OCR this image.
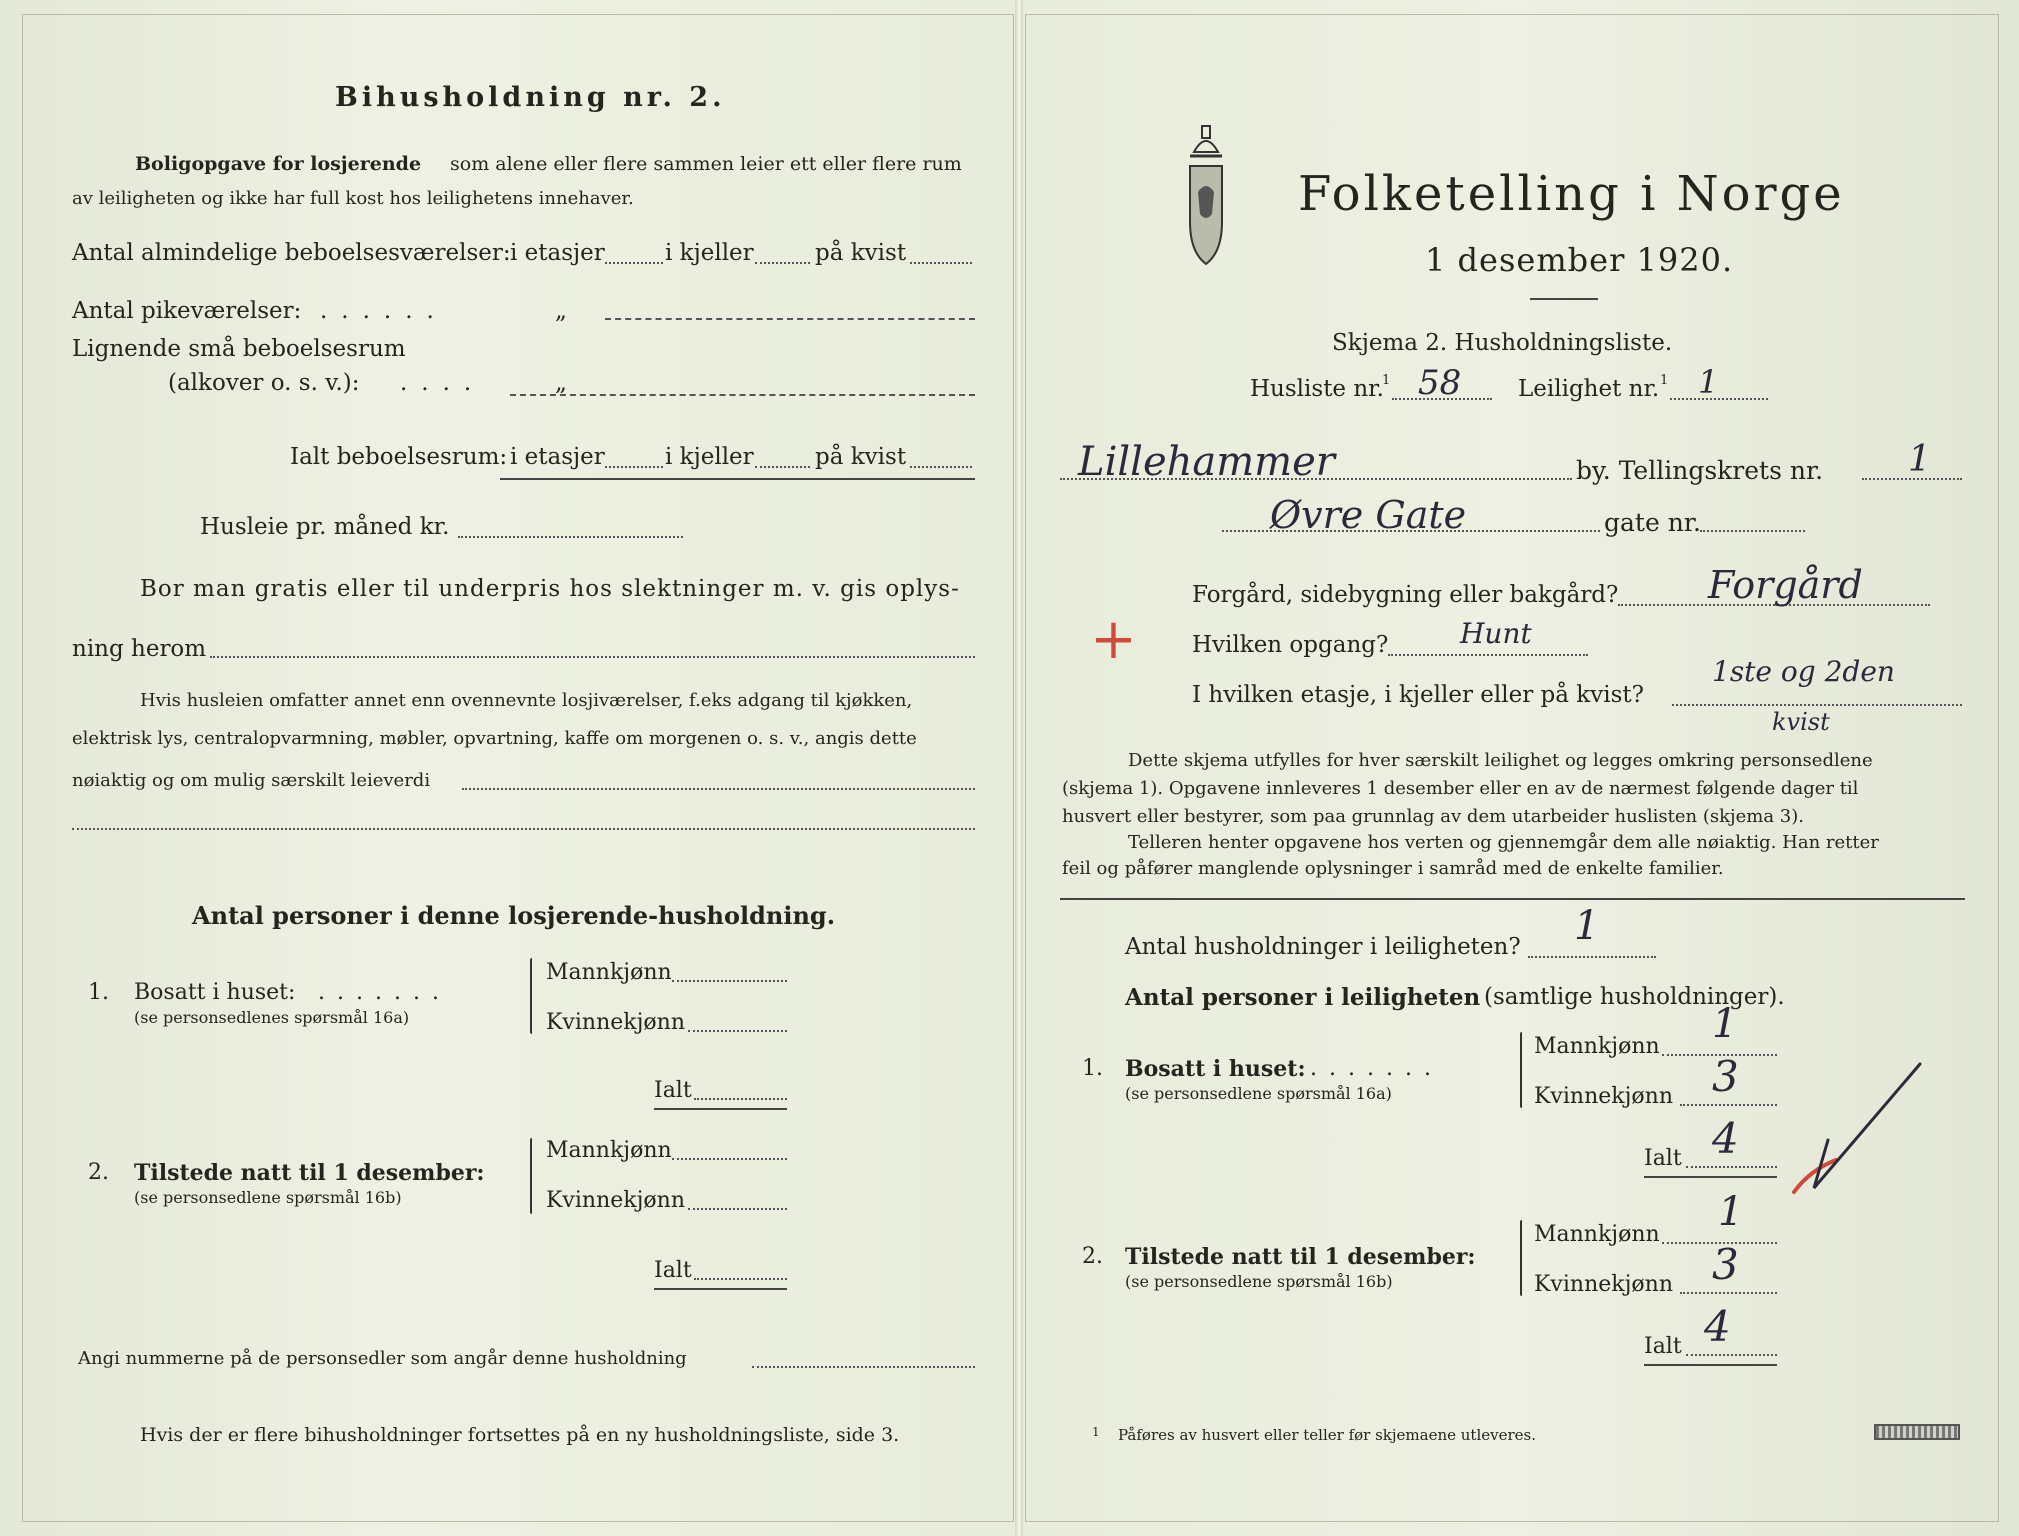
Bihusholdning nr. 2.
Boligopgave for losjerende som alene eller flere sammen leier ett eller flere rum
av leiligheten og ikke har full kost hos leilighetens innehaver.
Antal almindelige beboelsesværelser: i etasjer	i kjeller	på kvist
Antal pikeværelser: ......	„
Lignende små beboelsesrum
(alkover o. s. v.): ....	„
Ialt beboelsesrum: i etasjer	i kjeller	på kvist
Husleie pr. måned kr.
Bor man gratis eller til underpris hos slektninger m. v. gis oplys-
ning herom
Hvis husleien omfatter annet enn ovennevnte losjiværelser, f.eks adgang til kjøkken,
elektrisk lys, centralopvarmning, møbler, opvartning, kaffe om morgenen o. s. v., angis dette
nøiaktig og om mulig særskilt leieverdi
Antal personer i denne losjerende-husholdning.
1. Bosatt i huset: .......
(se personsedlenes spørsmål 16a)
Mannkjønn
Kvinnekjønn
Ialt
2. Tilstede natt til 1 desember:
(se personsedlene spørsmål 16b)
Mannkjønn
Kvinnekjønn
Ialt
Angi nummerne på de personsedler som angår denne husholdning
Hvis der er flere bihusholdninger fortsettes på en ny husholdningsliste, side 3.
Folketelling i Norge
1 desember 1920.
Skjema 2. Husholdningsliste.
Husliste nr.
1 58 Leilighet nr. 1 1
Lillehammer	by. Tellingskrets nr. 1
Øvre Gate	gate nr.
Forgård, sidebygning eller bakgård? Forgård
+ Hvilken opgang?	Hunt
I hvilken etasje, i kjeller eller på kvist?
1ste og 2den
kvist
Dette skjema utfylles for hver særskilt leilighet og legges omkring personsedlene
(skjema 1). Opgavene innleveres 1 desember eller en av de nærmest følgende dager til
husvert eller bestyrer, som paa grunnlag av dem utarbeider huslisten (skjema 3).
Telleren henter opgavene hos verten og gjennemgår dem alle nøiaktig. Han retter
feil og påfører manglende oplysninger i samråd med de enkelte familier.
Antal husholdninger i leiligheten? 1
Antal personer i leiligheten (samtlige husholdninger).
1. Bosatt i huset: .......
(se personsedlene spørsmål 16a)
Mannkjønn 1
Kvinnekjønn 3
Ialt 4
2. Tilstede natt til 1 desember:
(se personsedlene spørsmål 16b)
Mannkjønn 1
Kvinnekjønn 3
Ialt 4
1 Påføres av husvert eller teller før skjemaene utleveres.
